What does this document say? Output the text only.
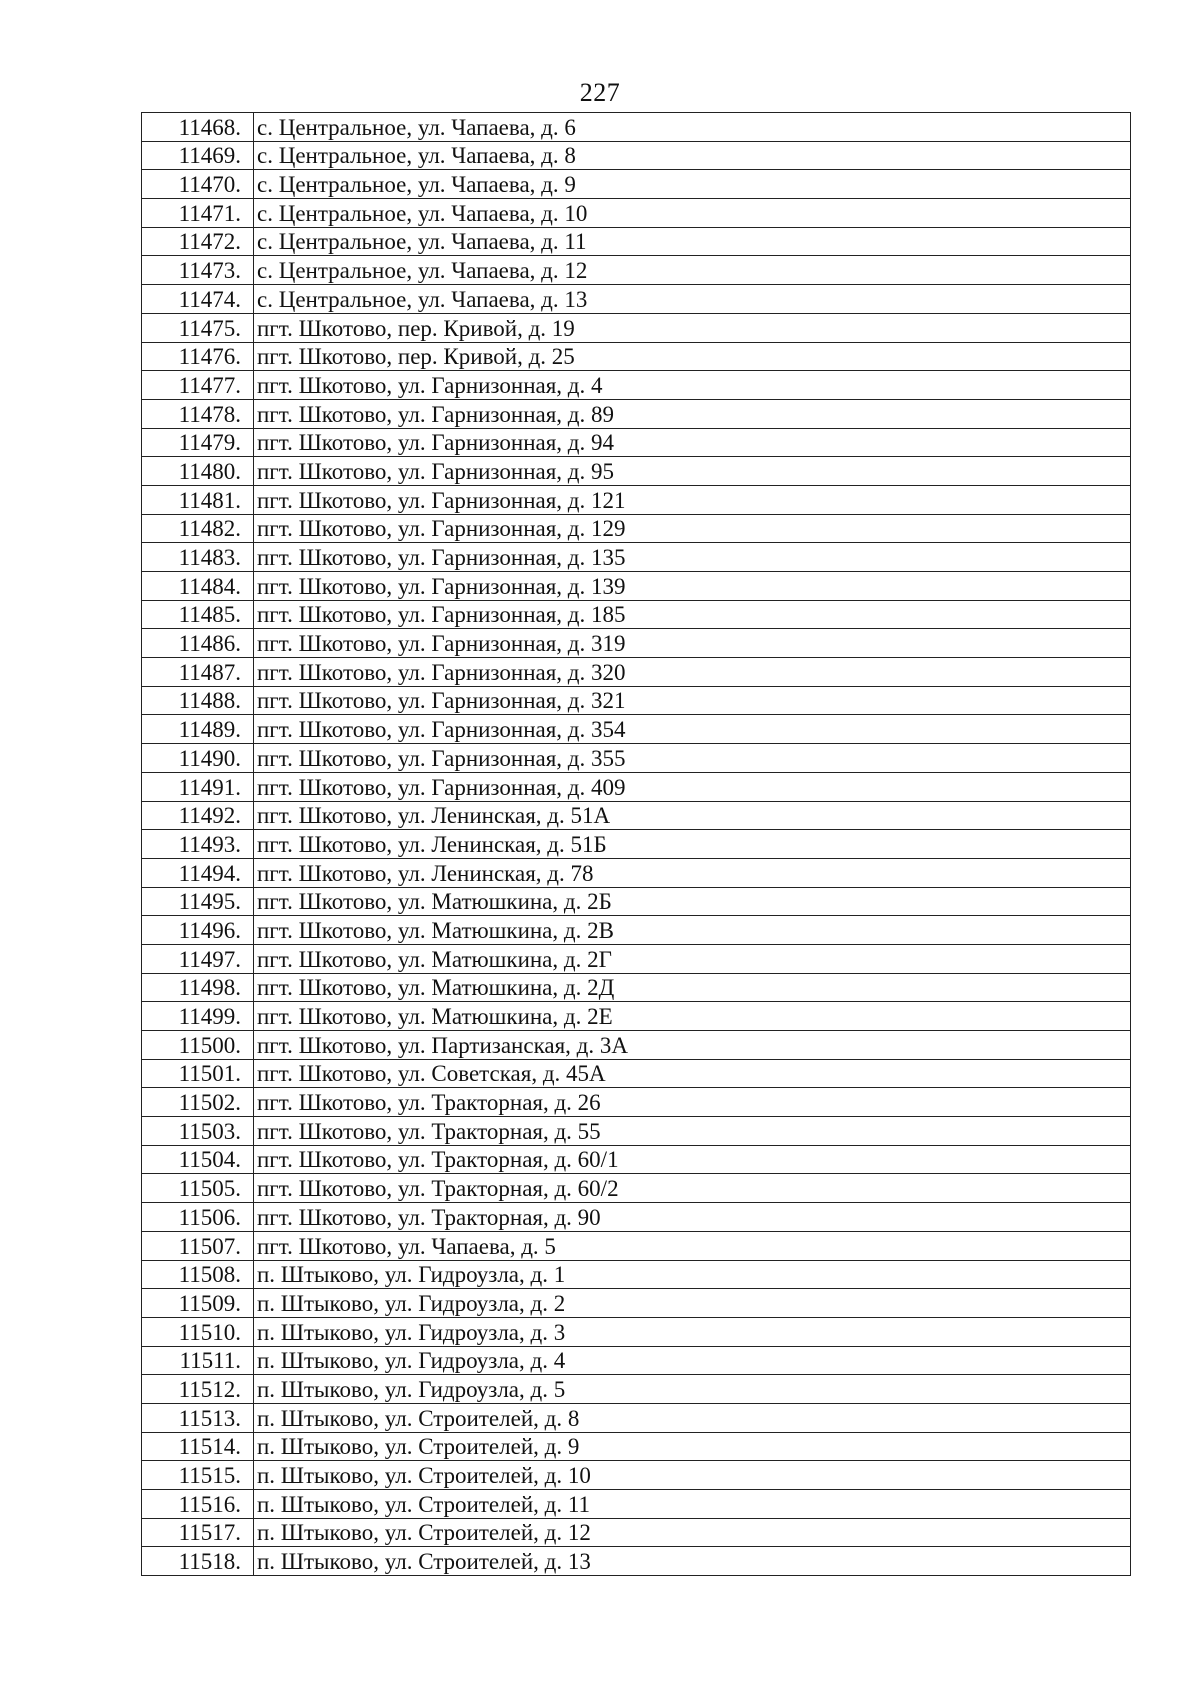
227
11468.	с. Центральное, ул. Чапаева, д. 6
11469.	с. Центральное, ул. Чапаева, д. 8
11470.	с. Центральное, ул. Чапаева, д. 9
11471.	с. Центральное, ул. Чапаева, д. 10
11472.	с. Центральное, ул. Чапаева, д. 11
11473.	с. Центральное, ул. Чапаева, д. 12
11474.	с. Центральное, ул. Чапаева, д. 13
11475.	пгт. Шкотово, пер. Кривой, д. 19
11476.	пгт. Шкотово, пер. Кривой, д. 25
11477.	пгт. Шкотово, ул. Гарнизонная, д. 4
11478.	пгт. Шкотово, ул. Гарнизонная, д. 89
11479.	пгт. Шкотово, ул. Гарнизонная, д. 94
11480.	пгт. Шкотово, ул. Гарнизонная, д. 95
11481.	пгт. Шкотово, ул. Гарнизонная, д. 121
11482.	пгт. Шкотово, ул. Гарнизонная, д. 129
11483.	пгт. Шкотово, ул. Гарнизонная, д. 135
11484.	пгт. Шкотово, ул. Гарнизонная, д. 139
11485.	пгт. Шкотово, ул. Гарнизонная, д. 185
11486.	пгт. Шкотово, ул. Гарнизонная, д. 319
11487.	пгт. Шкотово, ул. Гарнизонная, д. 320
11488.	пгт. Шкотово, ул. Гарнизонная, д. 321
11489.	пгт. Шкотово, ул. Гарнизонная, д. 354
11490.	пгт. Шкотово, ул. Гарнизонная, д. 355
11491.	пгт. Шкотово, ул. Гарнизонная, д. 409
11492.	пгт. Шкотово, ул. Ленинская, д. 51А
11493.	пгт. Шкотово, ул. Ленинская, д. 51Б
11494.	пгт. Шкотово, ул. Ленинская, д. 78
11495.	пгт. Шкотово, ул. Матюшкина, д. 2Б
11496.	пгт. Шкотово, ул. Матюшкина, д. 2В
11497.	пгт. Шкотово, ул. Матюшкина, д. 2Г
11498.	пгт. Шкотово, ул. Матюшкина, д. 2Д
11499.	пгт. Шкотово, ул. Матюшкина, д. 2Е
11500.	пгт. Шкотово, ул. Партизанская, д. 3А
11501.	пгт. Шкотово, ул. Советская, д. 45А
11502.	пгт. Шкотово, ул. Тракторная, д. 26
11503.	пгт. Шкотово, ул. Тракторная, д. 55
11504.	пгт. Шкотово, ул. Тракторная, д. 60/1
11505.	пгт. Шкотово, ул. Тракторная, д. 60/2
11506.	пгт. Шкотово, ул. Тракторная, д. 90
11507.	пгт. Шкотово, ул. Чапаева, д. 5
11508.	п. Штыково, ул. Гидроузла, д. 1
11509.	п. Штыково, ул. Гидроузла, д. 2
11510.	п. Штыково, ул. Гидроузла, д. 3
11511.	п. Штыково, ул. Гидроузла, д. 4
11512.	п. Штыково, ул. Гидроузла, д. 5
11513.	п. Штыково, ул. Строителей, д. 8
11514.	п. Штыково, ул. Строителей, д. 9
11515.	п. Штыково, ул. Строителей, д. 10
11516.	п. Штыково, ул. Строителей, д. 11
11517.	п. Штыково, ул. Строителей, д. 12
11518.	п. Штыково, ул. Строителей, д. 13
